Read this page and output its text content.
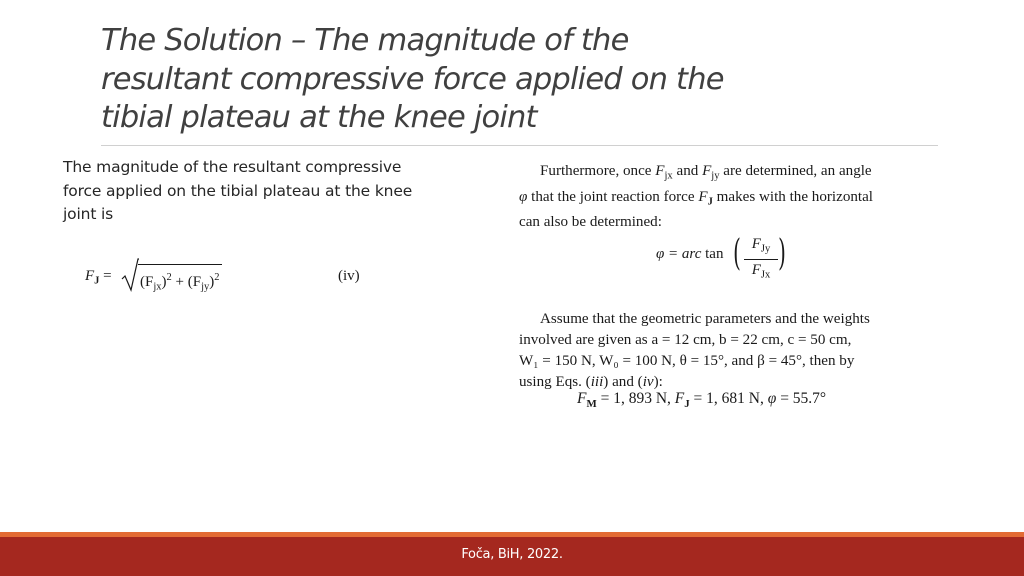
The Solution – The magnitude of the
resultant compressive force applied on the
tibial plateau at the knee joint
The magnitude of the resultant compressive
force applied on the tibial plateau at the knee
joint is
$F_J = (F_{jx})^2 + (F_{jy})^2$	(iv)
Furthermore, once $F_{jx}$ and $F_{jy}$ are determined, an angle
φ that the joint reaction force $F_J$ makes with the horizontal
can also be determined:
Assume that the geometric parameters and the weights
involved are given as a = 12 cm, b = 22 cm, c = 50 cm,
W₁ = 150 N, W₀ = 100 N, θ = 15°, and β = 45°, then by
using Eqs. (iii) and (iv):
φ = arc tan ( $F_{Jy}$
$F_{Jx}$
)
$F_M = 1$, 893 N, $F_J = 1$, 681 N, φ = 55.7°
Foča, BiH, 2022.
